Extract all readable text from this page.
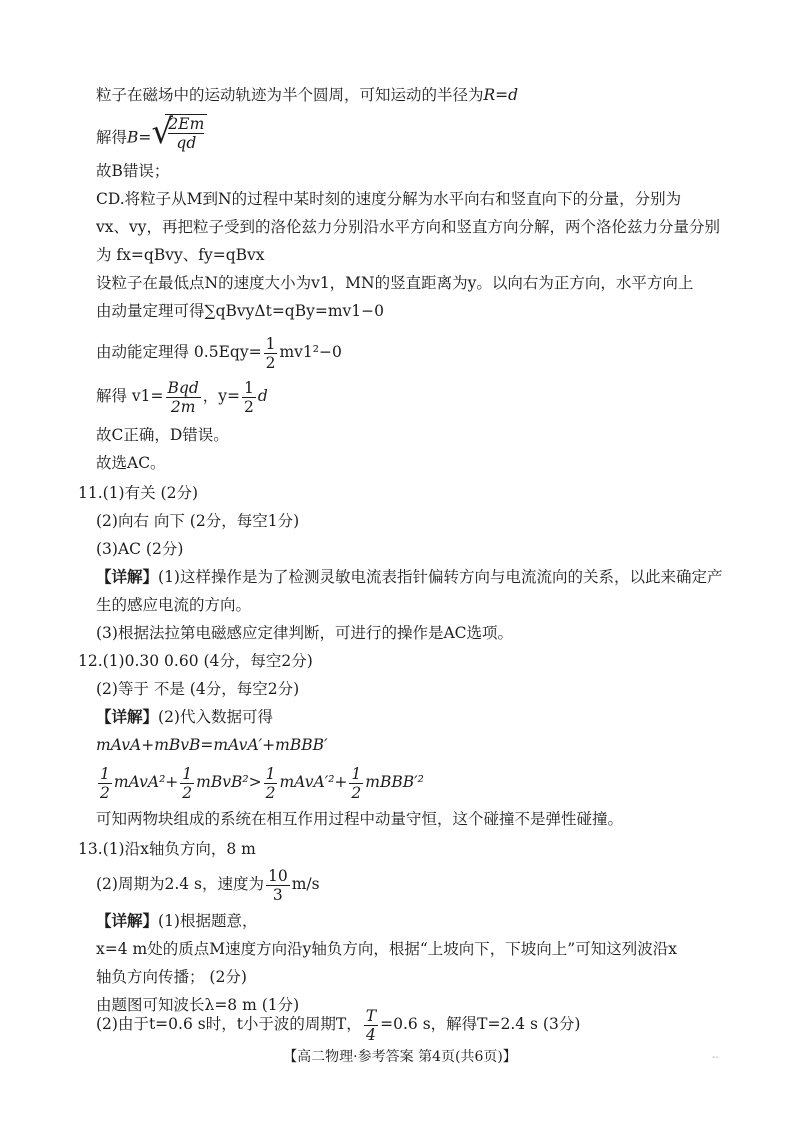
粒子在磁场中的运动轨迹为半个圆周，可知运动的半径为R=d
解得B= √
$\frac{2Em}{qd}$
故B错误；
CD.将粒子从M到N的过程中某时刻的速度分解为水平向右和竖直向下的分量，分别为
vx、vy，再把粒子受到的洛伦兹力分别沿水平方向和竖直方向分解，两个洛伦兹力分量分别
为 fx=qBvy、fy=qBvx
设粒子在最低点N的速度大小为v1，MN的竖直距离为y。以向右为正方向，水平方向上
由动量定理可得∑qBvyΔt=qBy=mv1−0
由动能定理得 $0.5Eqy= \frac{1}{2} mv1^2-0$
解得 $v1= \frac{\text{Bqd}}{2m}$ ，$y= \frac{1}{2}$ d
故C正确，D错误。
故选AC。
11.(1)有关 (2分)
(2)向右 向下 (2分，每空1分)
(3)AC (2分)
【详解】(1)这样操作是为了检测灵敏电流表指针偏转方向与电流流向的关系，以此来确定产
生的感应电流的方向。
(3)根据法拉第电磁感应定律判断，可进行的操作是AC选项。
12.(1)0.30 0.60 (4分，每空2分)
(2)等于 不是 (4分，每空2分)
【详解】(2)代入数据可得
mAvA+mBvB=mAvA′+mBBB′
$\frac{1}{2}$ mAvA²+ $\frac{1}{2}$ mBvB²> $\frac{1}{2}$ mAvA′²+ $\frac{1}{2}$ mBBB′²
可知两物块组成的系统在相互作用过程中动量守恒，这个碰撞不是弹性碰撞。
13.(1)沿x轴负方向，8 m
(2)周期为2.4 s，速度为 $\frac{10}{3} m/s$
【详解】(1)根据题意，
x=4 m处的质点M速度方向沿y轴负方向，根据“上坡向下，下坡向上”可知这列波沿x
轴负方向传播； (2分)
由题图可知波长λ=8 m (1分)
(2)由于t=0.6 s时，t小于波的周期T， $\frac{T}{4} =0.6$ s，解得T=2.4 s (3分)
【高二物理·参考答案 第4页(共6页)】	--
